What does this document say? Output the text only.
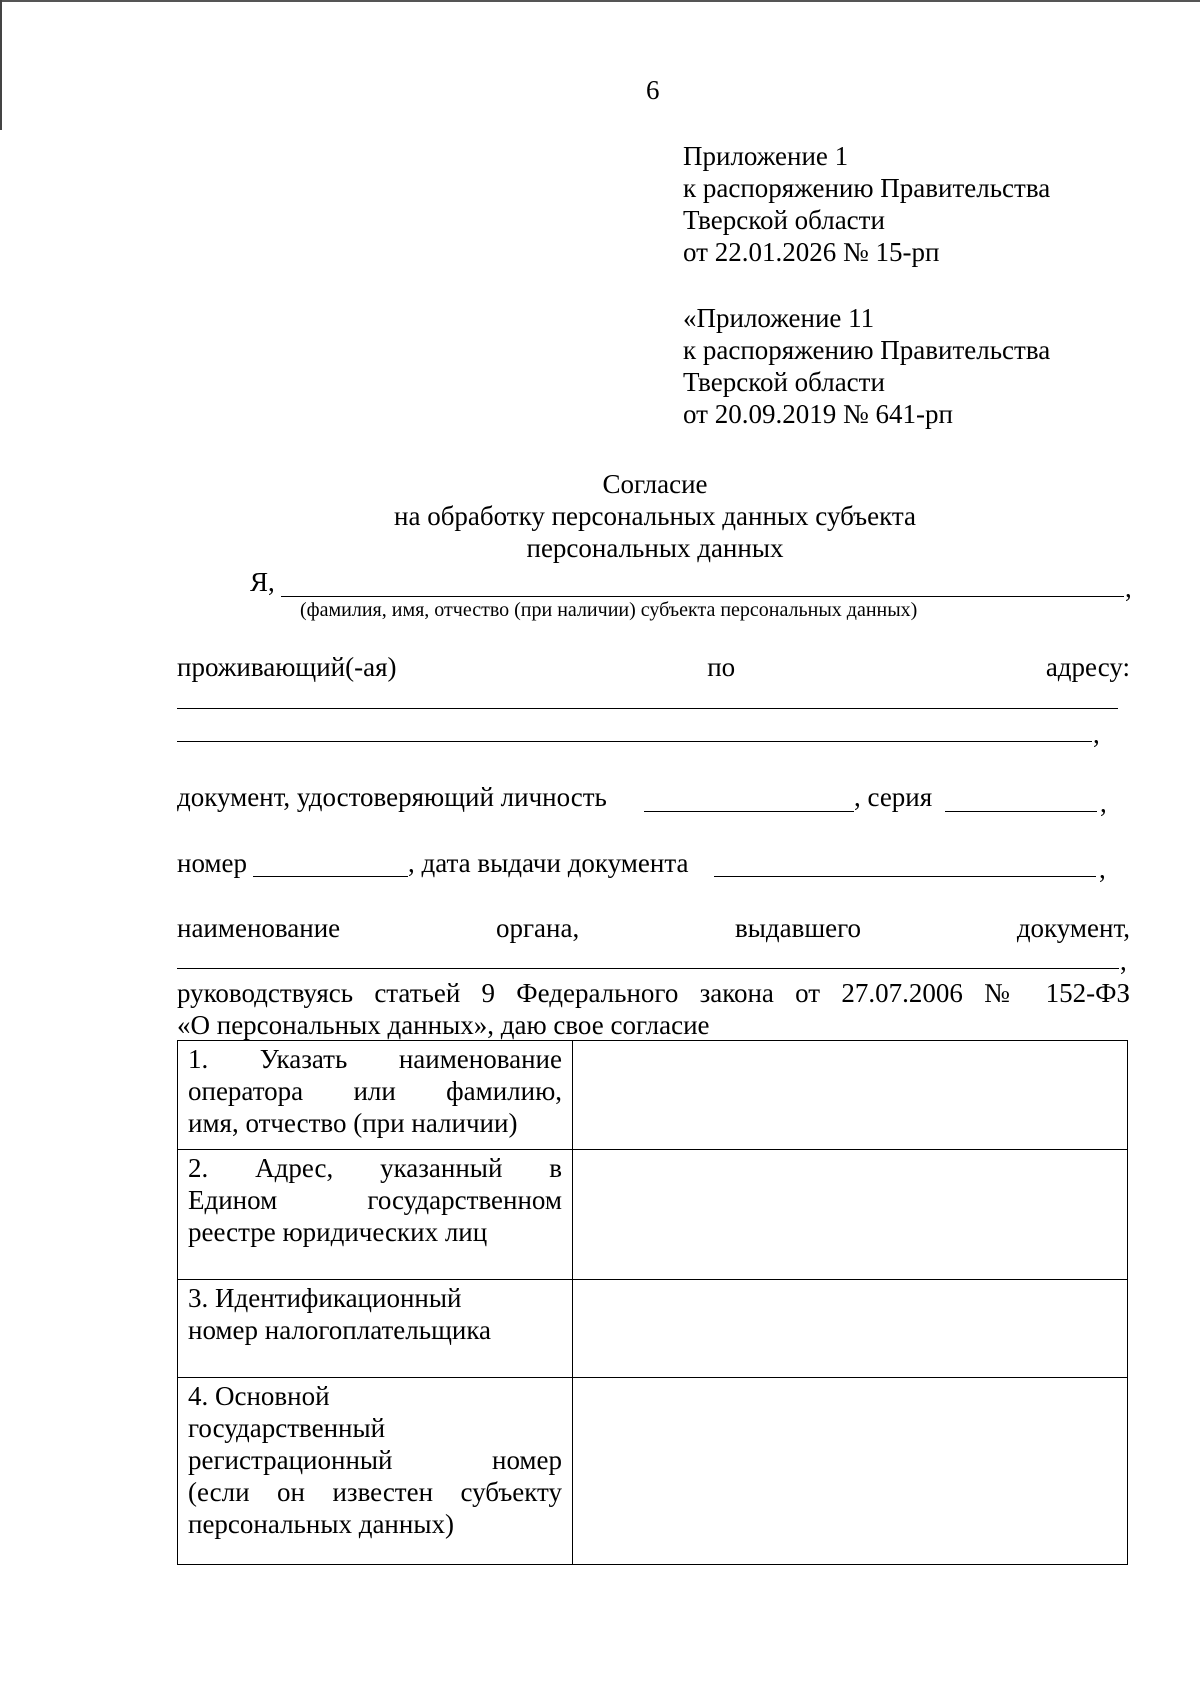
6
Приложение 1
к распоряжению Правительства
Тверской области
от 22.01.2026 № 15-рп
«Приложение 11
к распоряжению Правительства
Тверской области
от 20.09.2019 № 641-рп
Согласие
на обработку персональных данных субъекта
персональных данных
Я,	,
(фамилия, имя, отчество (при наличии) субъекта персональных данных)
проживающий(-ая)	по	адресу:
,
документ, удостоверяющий личность	, серия	,
номер	, дата выдачи документа	,
наименование	органа,	выдавшего	документ,
,
руководствуясь статьей 9 Федерального закона от 27.07.2006 № 152-ФЗ
«О персональных данных», даю свое согласие
1. Указать наименование
оператора или фамилию,
имя, отчество (при наличии)	

2. Адрес, указанный в
Едином государственном
реестре юридических лиц	

3. Идентификационный
номер налогоплательщика	

4. Основной
государственный
регистрационный номер
(если он известен субъекту
персональных данных)	
